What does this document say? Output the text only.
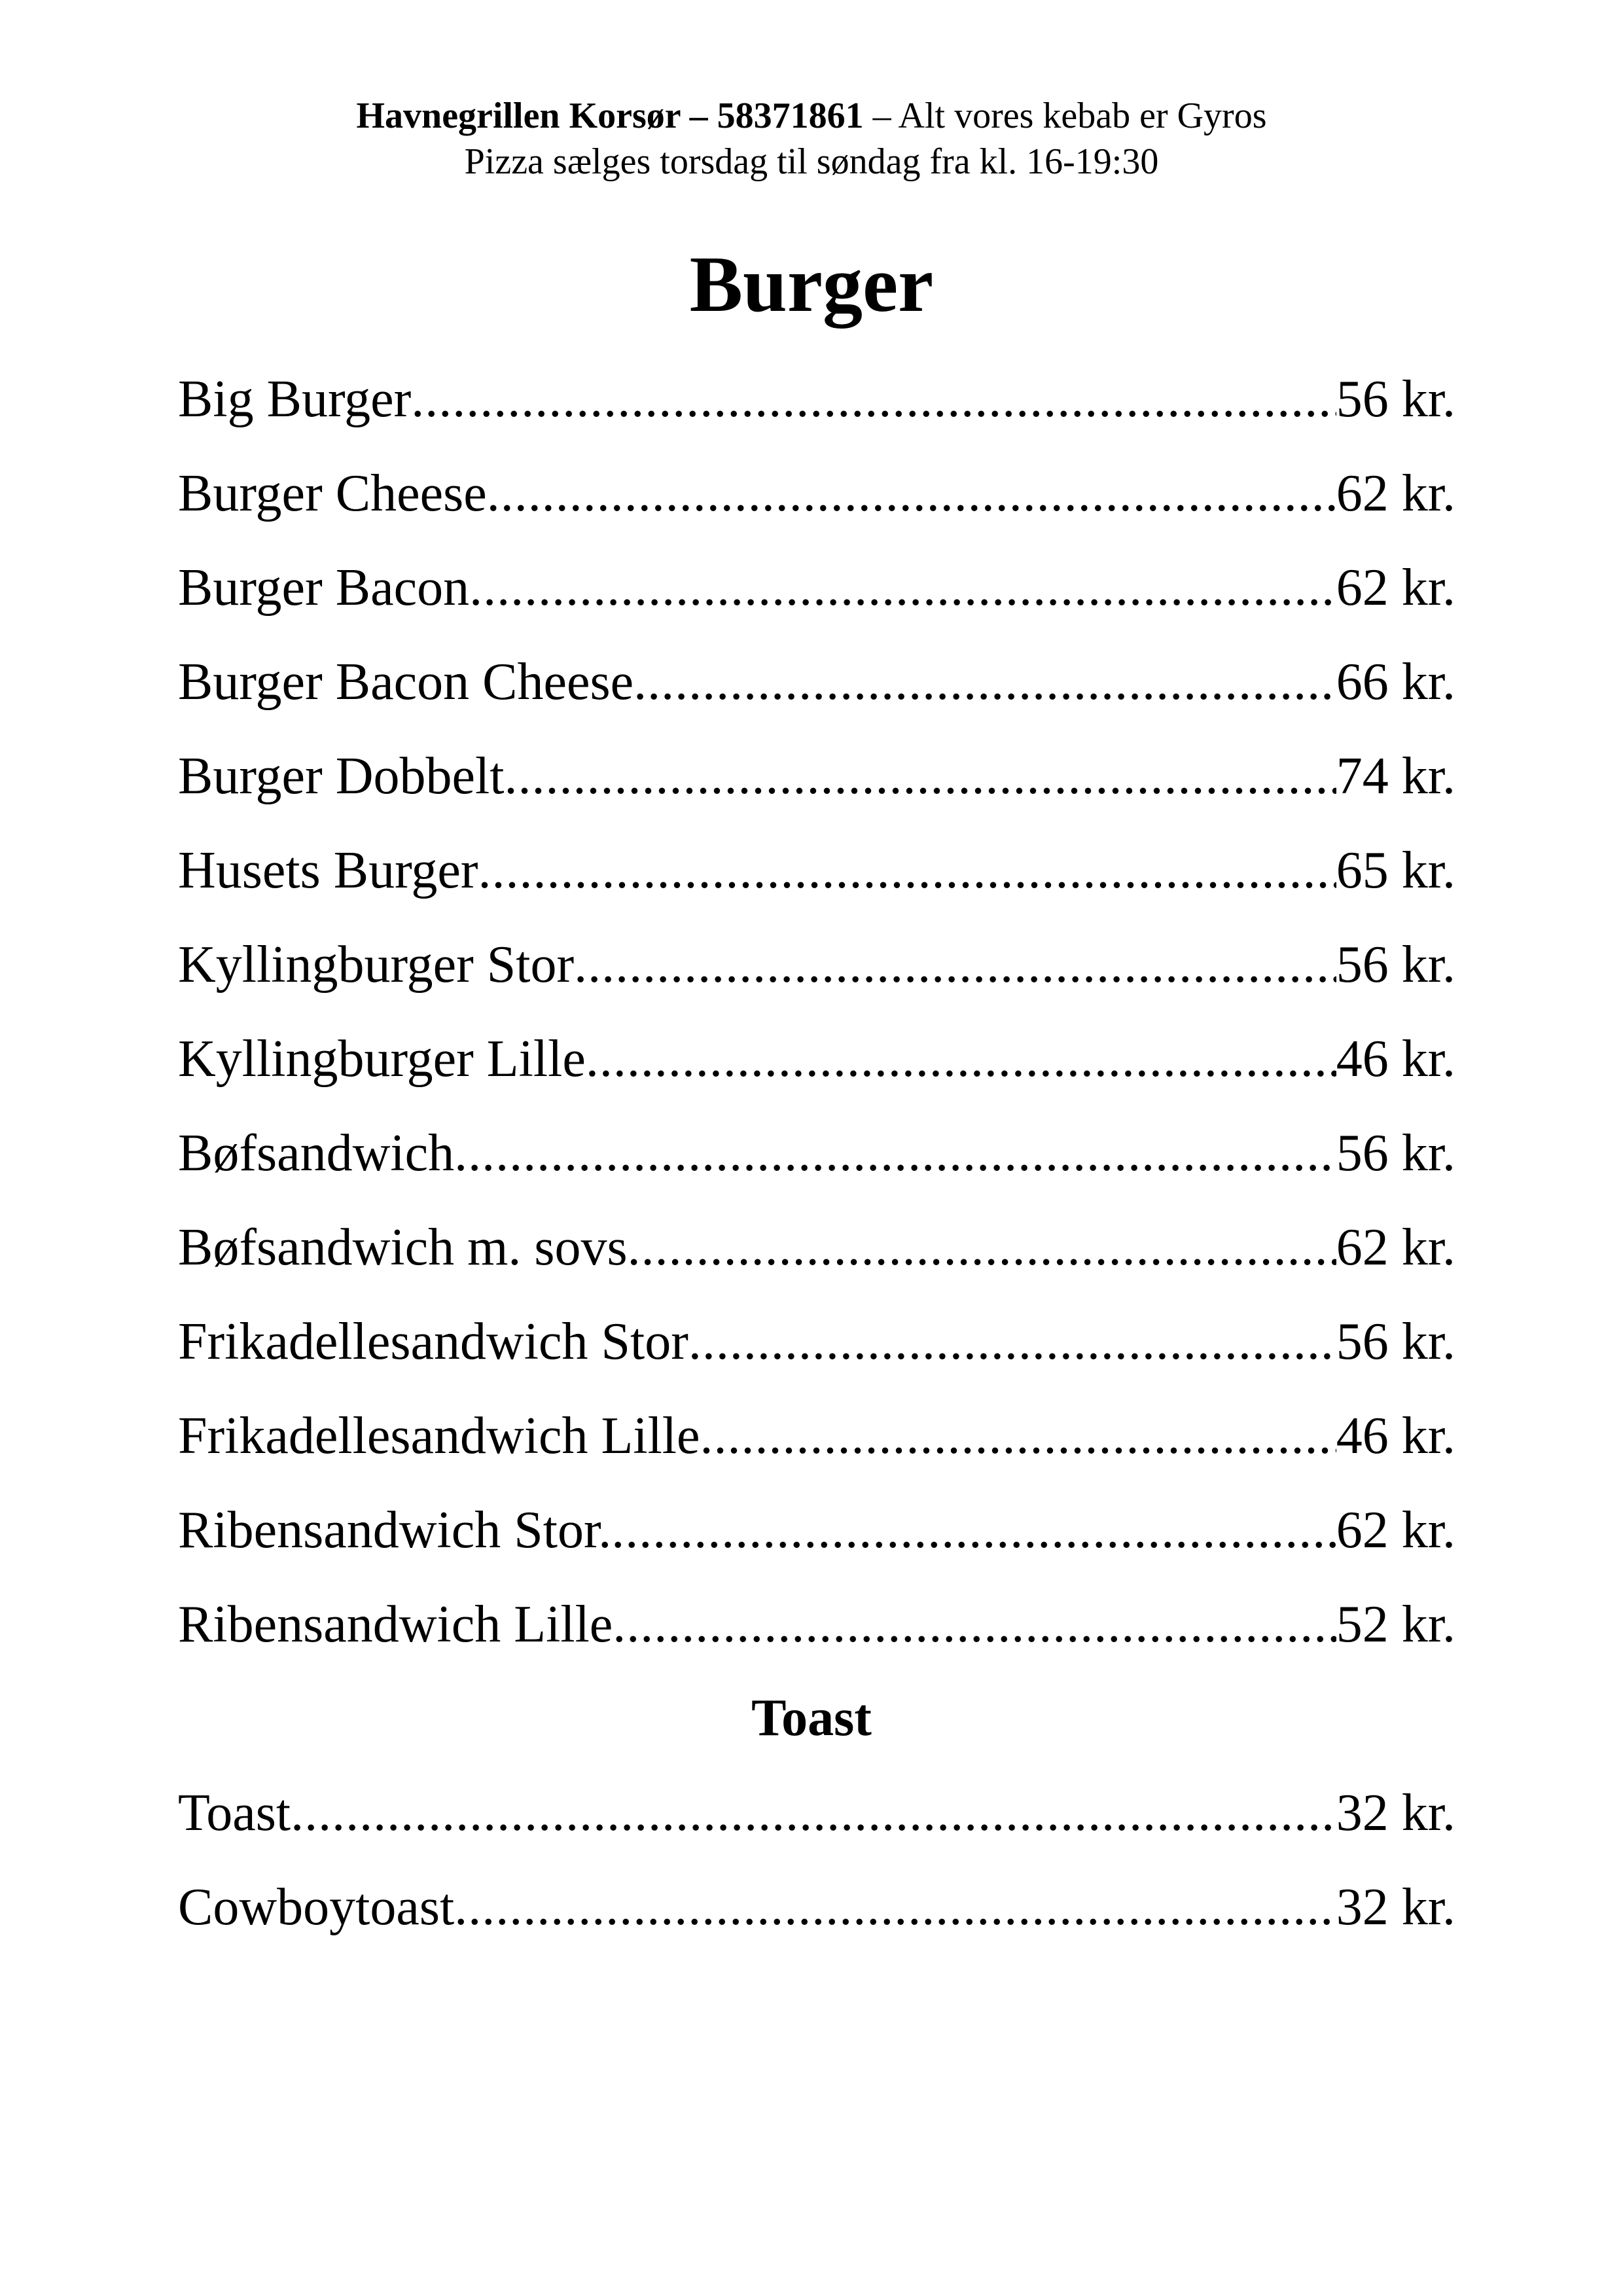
Havnegrillen Korsør – 58371861 – Alt vores kebab er Gyros
Pizza sælges torsdag til søndag fra kl. 16-19:30
Burger
Big Burger .....	56 kr.
Burger Cheese .....	62 kr.
Burger Bacon .....	62 kr.
Burger Bacon Cheese .....	66 kr.
Burger Dobbelt .....	74 kr.
Husets Burger .....	65 kr.
Kyllingburger Stor .....	56 kr.
Kyllingburger Lille .....	46 kr.
Bøfsandwich .....	56 kr.
Bøfsandwich m. sovs .....	62 kr.
Frikadellesandwich Stor .....	56 kr.
Frikadellesandwich Lille .....	46 kr.
Ribensandwich Stor. .....	62 kr.
Ribensandwich Lille .....	52 kr.
Toast
Toast .....	32 kr.
Cowboytoast .....	32 kr.
